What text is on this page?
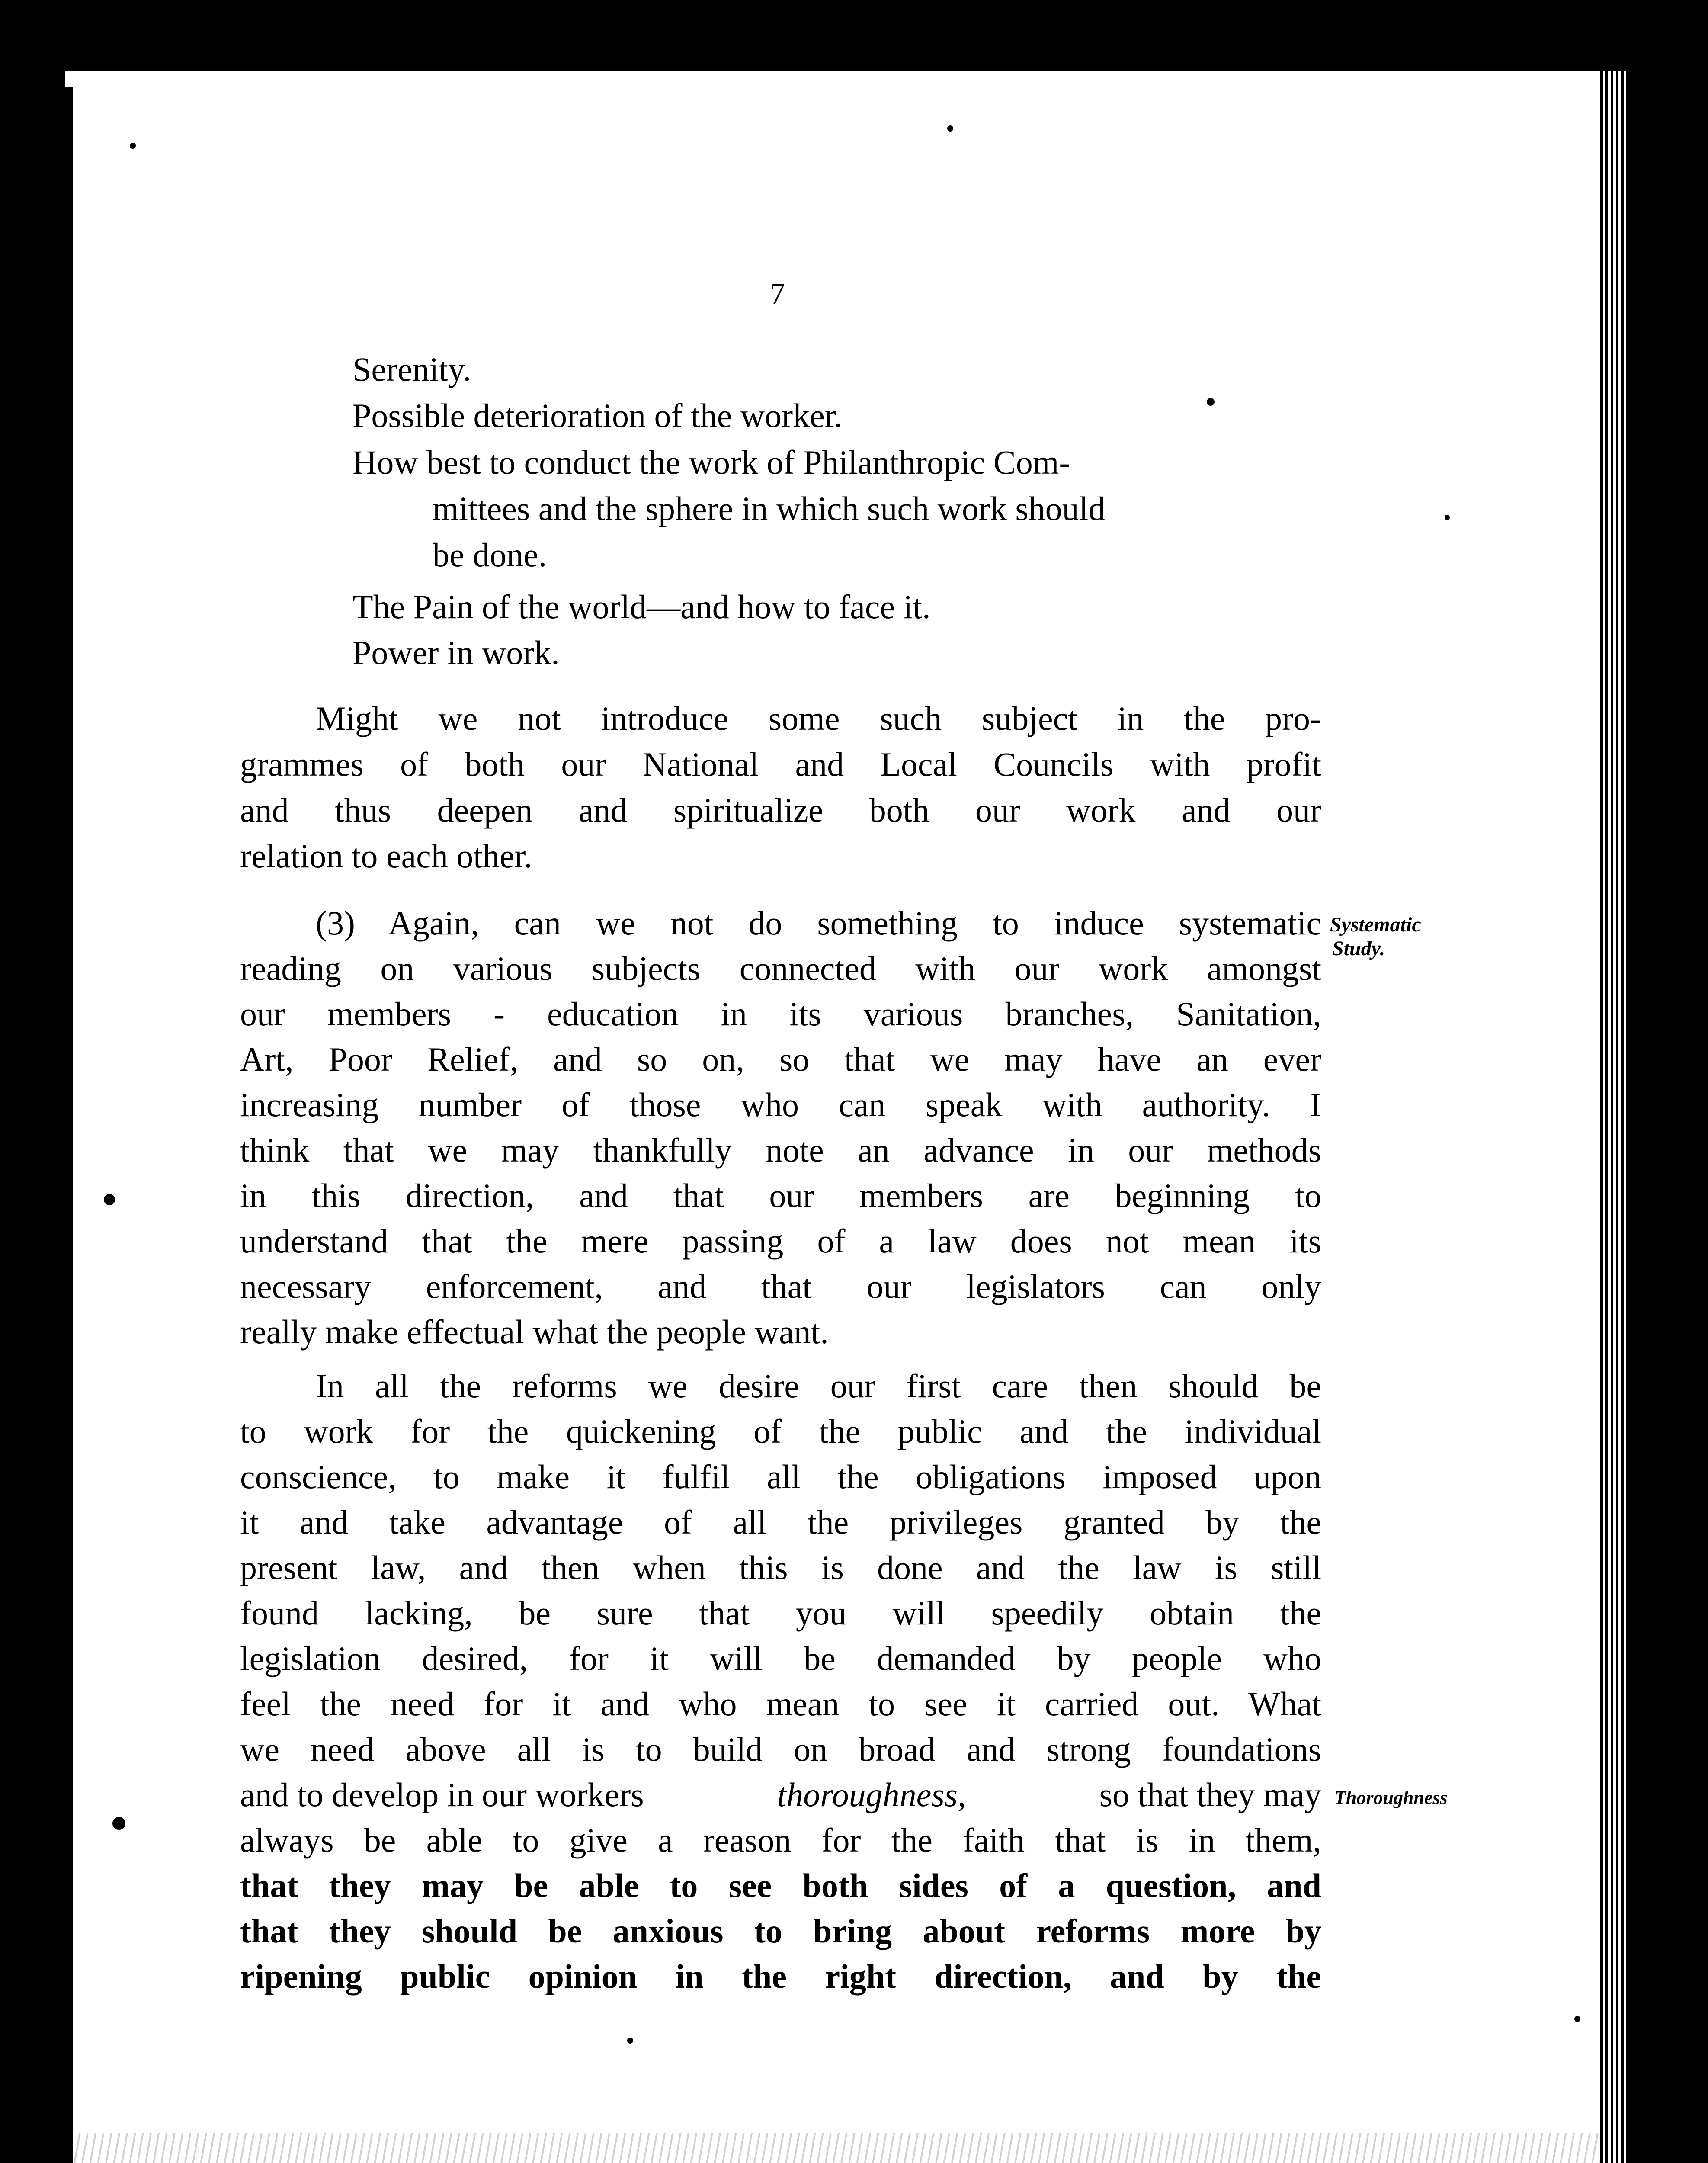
7
Serenity.
Possible deterioration of the worker.
How best to conduct the work of Philanthropic Com-
mittees and the sphere in which such work should
be done.
The Pain of the world—and how to face it.
Power in work.
Might we not introduce some such subject in the pro-
grammes of both our National and Local Councils with profit
and thus deepen and spiritualize both our work and our
relation to each other.
(3) Again, can we not do something to induce systematic
reading on various subjects connected with our work amongst
our members - education in its various branches, Sanitation,
Art, Poor Relief, and so on, so that we may have an ever
increasing number of those who can speak with authority. I
think that we may thankfully note an advance in our methods
in this direction, and that our members are beginning to
understand that the mere passing of a law does not mean its
necessary enforcement, and that our legislators can only
really make effectual what the people want.
In all the reforms we desire our first care then should be
to work for the quickening of the public and the individual
conscience, to make it fulfil all the obligations imposed upon
it and take advantage of all the privileges granted by the
present law, and then when this is done and the law is still
found lacking, be sure that you will speedily obtain the
legislation desired, for it will be demanded by people who
feel the need for it and who mean to see it carried out. What
we need above all is to build on broad and strong foundations
and to develop in our workers	thoroughness,	so that they may
always be able to give a reason for the faith that is in them,
that they may be able to see both sides of a question, and
that they should be anxious to bring about reforms more by
ripening public opinion in the right direction, and by the
Systematic
Study.
Thoroughness
